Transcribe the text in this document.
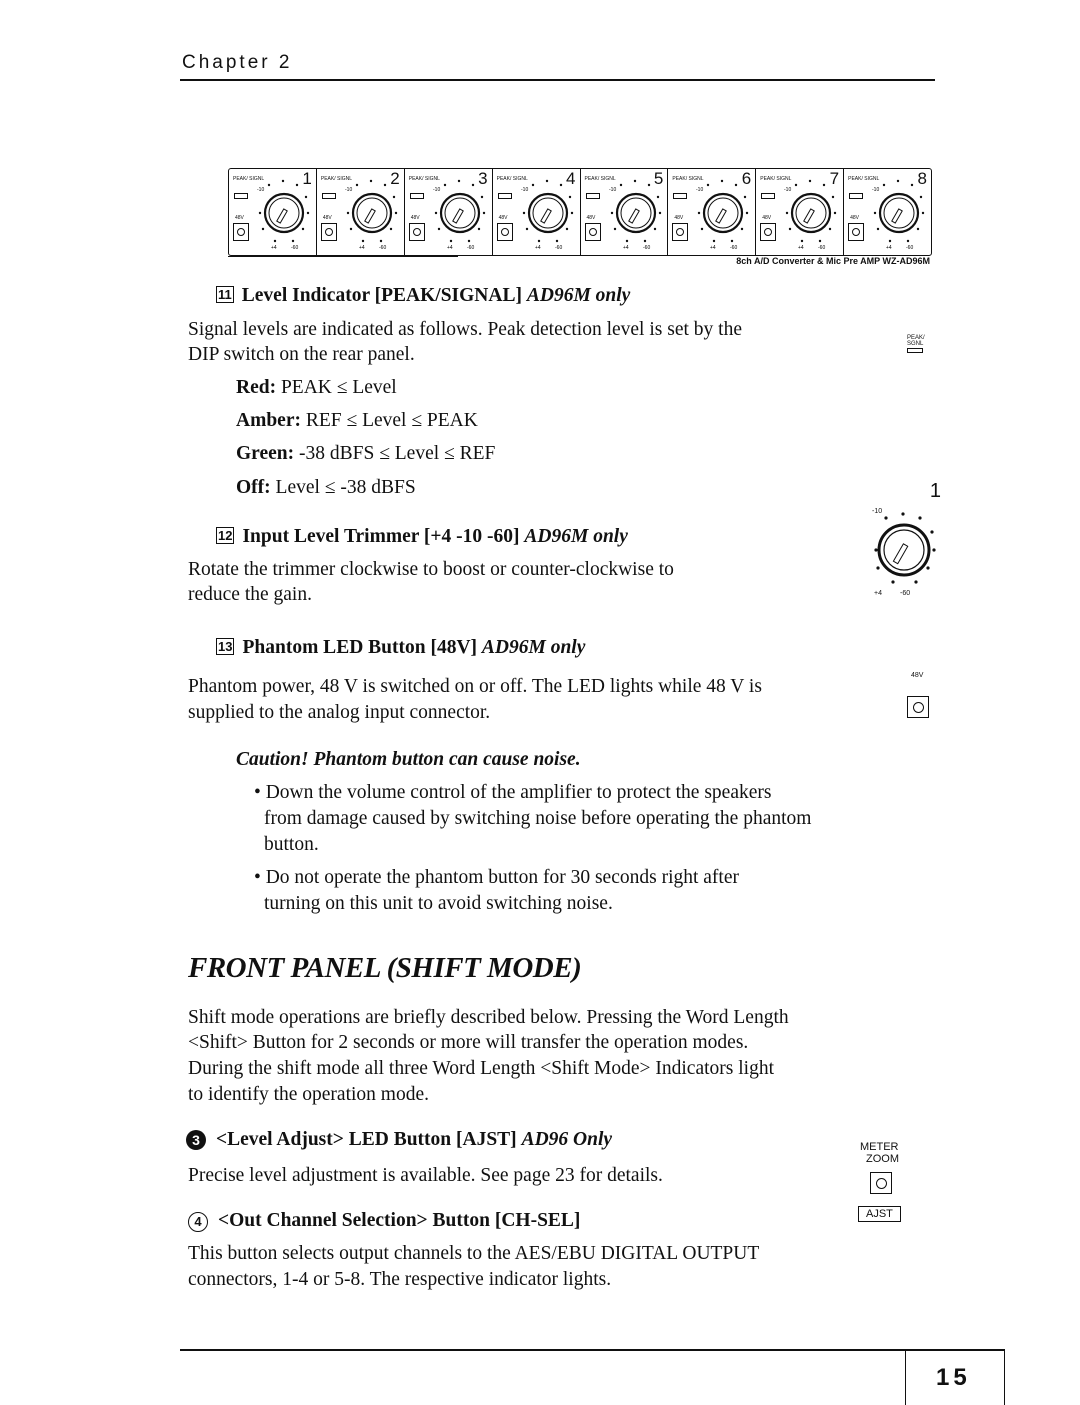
Chapter 2
1
PEAK/ SIGNL
48V
-10
+4	-60
2
PEAK/ SIGNL
48V
-10
+4	-60
3
PEAK/ SIGNL
48V
-10
+4	-60
4
PEAK/ SIGNL
48V
-10
+4	-60
5
PEAK/ SIGNL
48V
-10
+4	-60
6
PEAK/ SIGNL
48V
-10
+4	-60
7
PEAK/ SIGNL
48V
-10
+4	-60
8
PEAK/ SIGNL
48V
-10
+4	-60
8ch A/D Converter & Mic Pre AMP WZ-AD96M
11 Level Indicator [PEAK/SIGNAL] AD96M only
Signal levels are indicated as follows. Peak detection level is set by the
DIP switch on the rear panel.
PEAK/ SGNL
Red: PEAK ≤ Level
Amber: REF ≤ Level ≤ PEAK
Green: -38 dBFS ≤ Level ≤ REF
Off: Level ≤ -38 dBFS
12 Input Level Trimmer [+4 -10 -60] AD96M only
Rotate the trimmer clockwise to boost or counter-clockwise to
reduce the gain.
1
-10
+4	-60
13 Phantom LED Button [48V] AD96M only
Phantom power, 48 V is switched on or off. The LED lights while 48 V is
supplied to the analog input connector.
48V
Caution! Phantom button can cause noise.
• Down the volume control of the amplifier to protect the speakers
from damage caused by switching noise before operating the phantom
button.
• Do not operate the phantom button for 30 seconds right after
turning on this unit to avoid switching noise.
FRONT PANEL (SHIFT MODE)
Shift mode operations are briefly described below. Pressing the Word Length
<Shift> Button for 2 seconds or more will transfer the operation modes.
During the shift mode all three Word Length <Shift Mode> Indicators light
to identify the operation mode.
3 <Level Adjust> LED Button [AJST] AD96 Only
Precise level adjustment is available. See page 23 for details.
METER
ZOOM
AJST
4 <Out Channel Selection> Button [CH-SEL]
This button selects output channels to the AES/EBU DIGITAL OUTPUT
connectors, 1-4 or 5-8. The respective indicator lights.
15
